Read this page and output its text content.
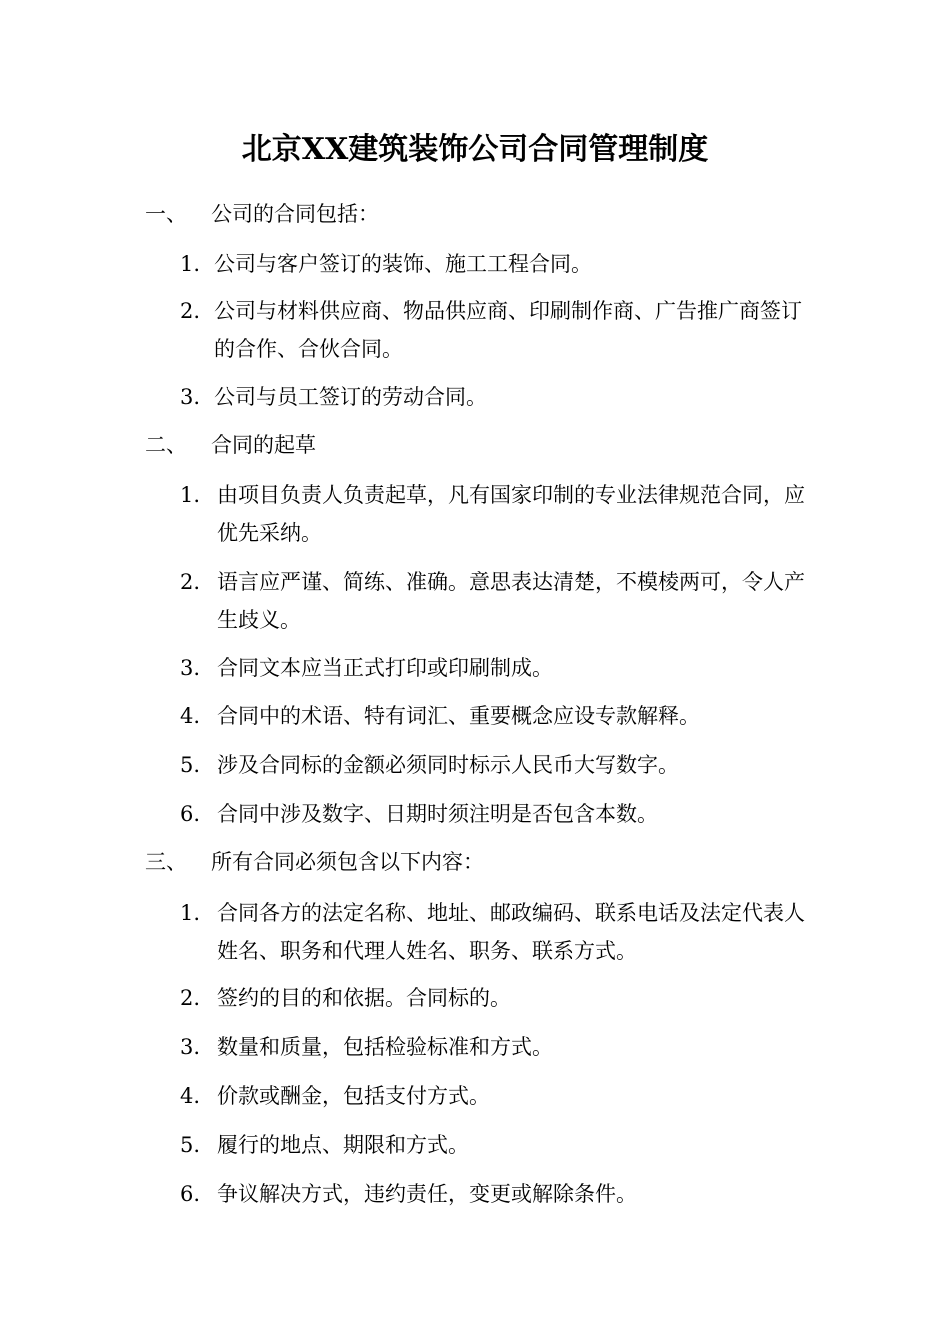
北京XX建筑装饰公司合同管理制度
一、 公司的合同包括：
1. 公司与客户签订的装饰、施工工程合同。
2. 公司与材料供应商、物品供应商、印刷制作商、广告推广商签订的合作、合伙合同。
3. 公司与员工签订的劳动合同。
二、 合同的起草
1. 由项目负责人负责起草，凡有国家印制的专业法律规范合同，应优先采纳。
2. 语言应严谨、简练、准确。意思表达清楚，不模棱两可，令人产生歧义。
3. 合同文本应当正式打印或印刷制成。
4. 合同中的术语、特有词汇、重要概念应设专款解释。
5. 涉及合同标的金额必须同时标示人民币大写数字。
6. 合同中涉及数字、日期时须注明是否包含本数。
三、 所有合同必须包含以下内容：
1. 合同各方的法定名称、地址、邮政编码、联系电话及法定代表人姓名、职务和代理人姓名、职务、联系方式。
2. 签约的目的和依据。合同标的。
3. 数量和质量，包括检验标准和方式。
4. 价款或酬金，包括支付方式。
5. 履行的地点、期限和方式。
6. 争议解决方式，违约责任，变更或解除条件。
